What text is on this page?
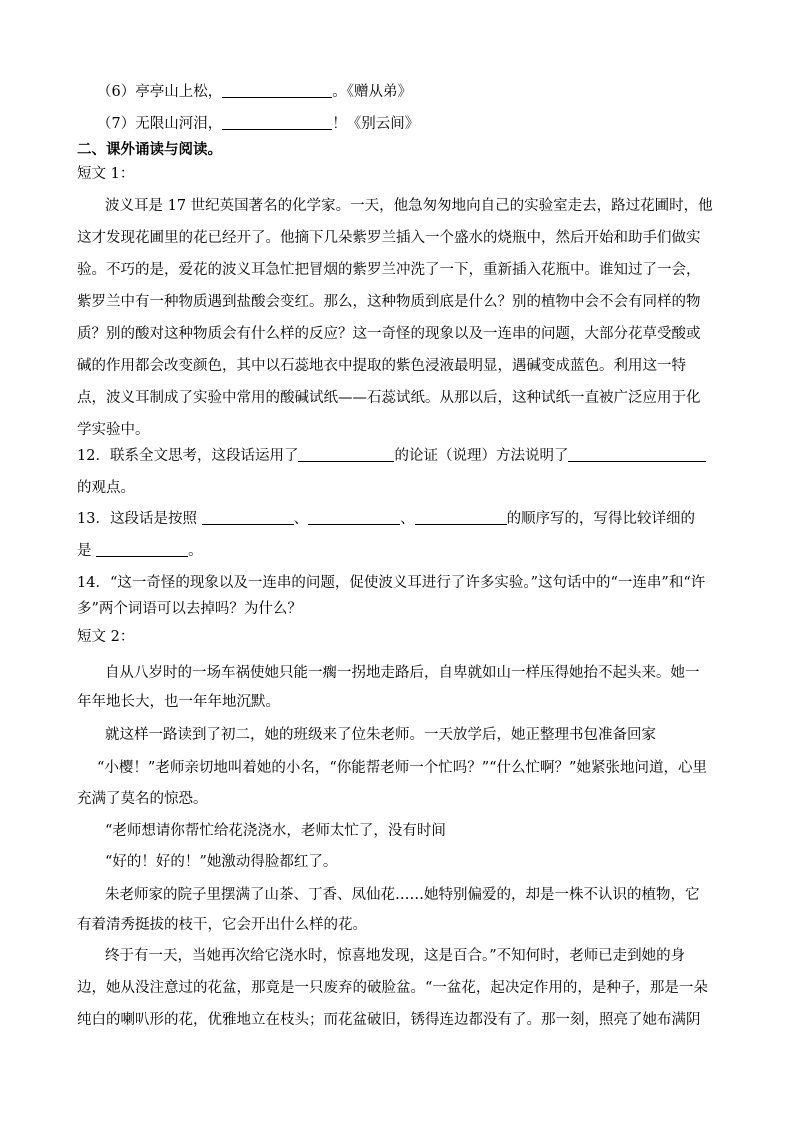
（6）亭亭山上松，	。《赠从弟》
（7）无限山河泪，	！《别云间》
二、课外诵读与阅读。
短文 1：
波义耳是 17 世纪英国著名的化学家。一天，他急匆匆地向自己的实验室走去，路过花圃时，他
这才发现花圃里的花已经开了。他摘下几朵紫罗兰插入一个盛水的烧瓶中，然后开始和助手们做实
验。不巧的是，爱花的波义耳急忙把冒烟的紫罗兰冲洗了一下，重新插入花瓶中。谁知过了一会，
紫罗兰中有一种物质遇到盐酸会变红。那么，这种物质到底是什么？别的植物中会不会有同样的物
质？别的酸对这种物质会有什么样的反应？这一奇怪的现象以及一连串的问题，大部分花草受酸或
碱的作用都会改变颜色，其中以石蕊地衣中提取的紫色浸液最明显，遇碱变成蓝色。利用这一特
点，波义耳制成了实验中常用的酸碱试纸——石蕊试纸。从那以后，这种试纸一直被广泛应用于化
学实验中。
12．联系全文思考，这段话运用了	的论证（说理）方法说明了
的观点。
13．这段话是按照	、	、	的顺序写的，写得比较详细的
是	。
14．“这一奇怪的现象以及一连串的问题，促使波义耳进行了许多实验。”这句话中的“一连串”和“许
多”两个词语可以去掉吗？为什么？
短文 2：
自从八岁时的一场车祸使她只能一瘸一拐地走路后，自卑就如山一样压得她抬不起头来。她一
年年地长大，也一年年地沉默。
就这样一路读到了初二，她的班级来了位朱老师。一天放学后，她正整理书包准备回家
“小樱！”老师亲切地叫着她的小名，“你能帮老师一个忙吗？”“什么忙啊？”她紧张地问道，心里
充满了莫名的惊恐。
“老师想请你帮忙给花浇浇水，老师太忙了，没有时间
“好的！好的！”她激动得脸都红了。
朱老师家的院子里摆满了山茶、丁香、凤仙花……她特别偏爱的，却是一株不认识的植物，它
有着清秀挺拔的枝干，它会开出什么样的花。
终于有一天，当她再次给它浇水时，惊喜地发现，这是百合。”不知何时，老师已走到她的身
边，她从没注意过的花盆，那竟是一只废弃的破脸盆。“一盆花，起决定作用的，是种子，那是一朵
纯白的喇叭形的花，优雅地立在枝头；而花盆破旧，锈得连边都没有了。那一刻，照亮了她布满阴
